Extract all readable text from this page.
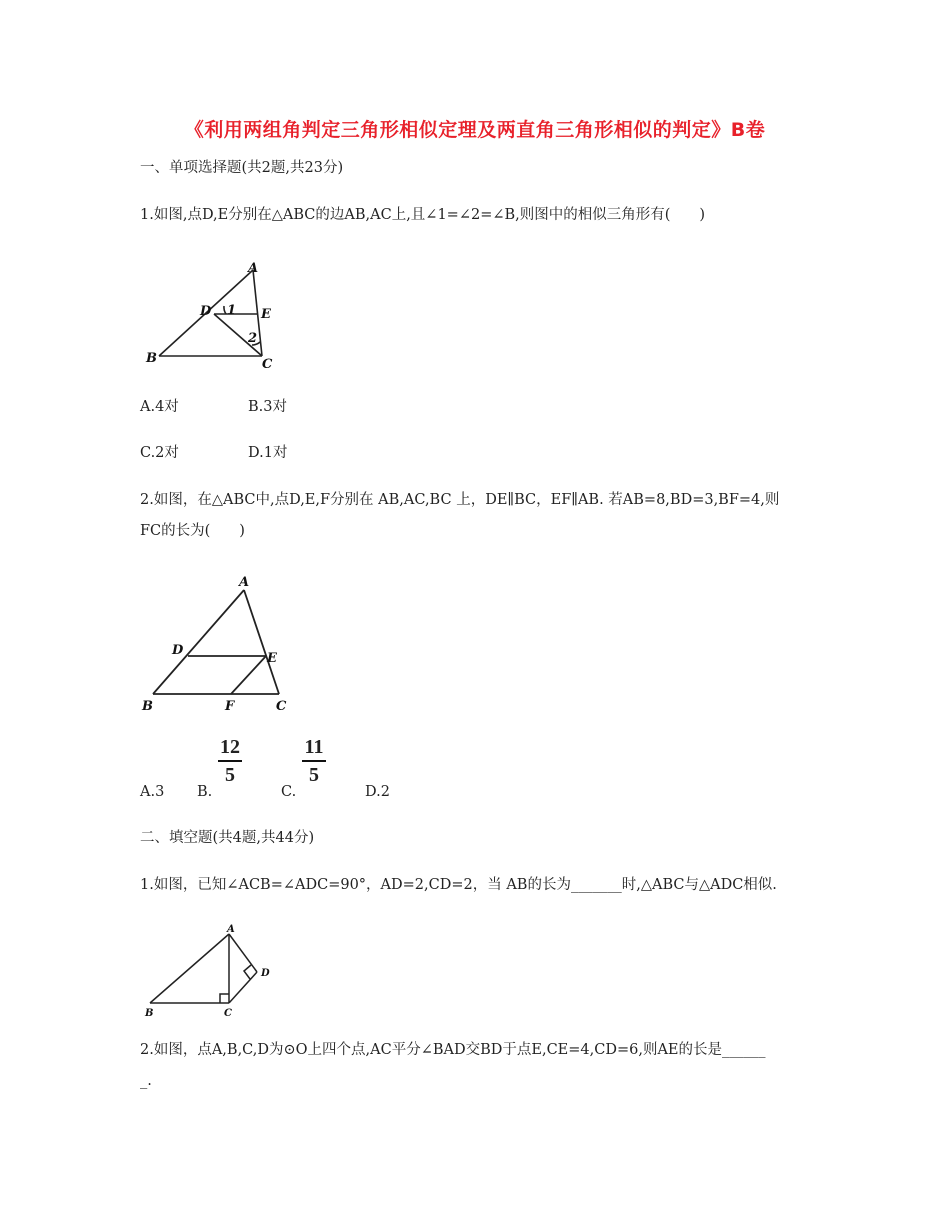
《利用两组角判定三角形相似定理及两直角三角形相似的判定》B卷
一、单项选择题(共2题,共23分)
1.如图,点D,E分别在△ABC的边AB,AC上,且∠1=∠2=∠B,则图中的相似三角形有(　　)
A
D	E
1
2
B	C
A.4对	B.3对
C.2对	D.1对
2.如图，在△ABC中,点D,E,F分别在 AB,AC,BC 上，DE∥BC，EF∥AB. 若AB=8,BD=3,BF=4,则
FC的长为(　　)
A
D
E
B	F	C
A.3 B.
12
5
C.
11
5
D.2
二、填空题(共4题,共44分)
1.如图，已知∠ACB=∠ADC=90°，AD=2,CD=2，当 AB的长为_______时,△ABC与△ADC相似.
A
D
B	C
2.如图，点A,B,C,D为⊙O上四个点,AC平分∠BAD交BD于点E,CE=4,CD=6,则AE的长是______
_.
